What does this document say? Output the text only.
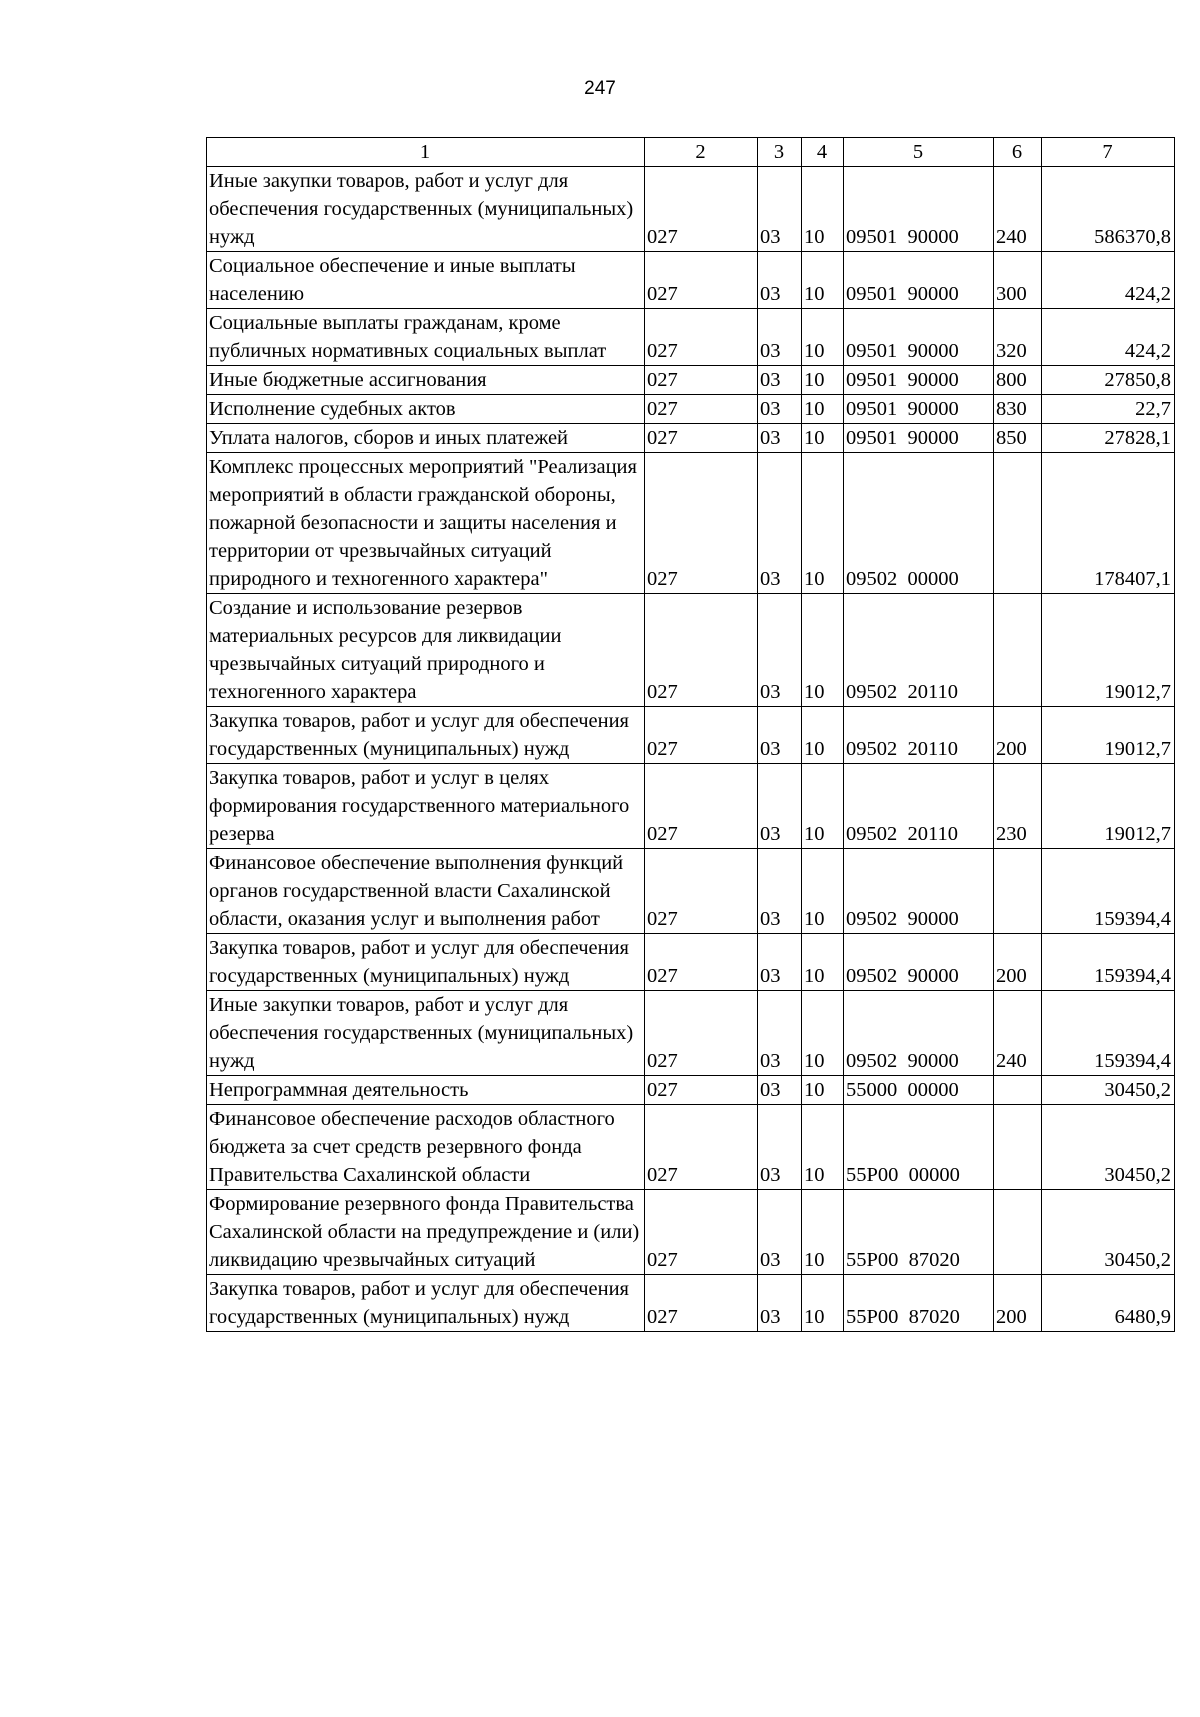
247
1	2	3	4	5	6	7
Иные закупки товаров, работ и услуг для обеспечения государственных (муниципальных) нужд	027	03	10	09501  90000	240	586370,8
Социальное обеспечение и иные выплаты населению	027	03	10	09501  90000	300	424,2
Социальные выплаты гражданам, кроме публичных нормативных социальных выплат	027	03	10	09501  90000	320	424,2
Иные бюджетные ассигнования	027	03	10	09501  90000	800	27850,8
Исполнение судебных актов	027	03	10	09501  90000	830	22,7
Уплата налогов, сборов и иных платежей	027	03	10	09501  90000	850	27828,1
Комплекс процессных мероприятий "Реализация мероприятий в области гражданской обороны, пожарной безопасности и защиты населения и территории от чрезвычайных ситуаций природного и техногенного характера"	027	03	10	09502  00000		178407,1
Создание и использование резервов материальных ресурсов для ликвидации чрезвычайных ситуаций природного и техногенного характера	027	03	10	09502  20110		19012,7
Закупка товаров, работ и услуг для обеспечения государственных (муниципальных) нужд	027	03	10	09502  20110	200	19012,7
Закупка товаров, работ и услуг в целях формирования государственного материального резерва	027	03	10	09502  20110	230	19012,7
Финансовое обеспечение выполнения функций органов государственной власти Сахалинской области, оказания услуг и выполнения работ	027	03	10	09502  90000		159394,4
Закупка товаров, работ и услуг для обеспечения государственных (муниципальных) нужд	027	03	10	09502  90000	200	159394,4
Иные закупки товаров, работ и услуг для обеспечения государственных (муниципальных) нужд	027	03	10	09502  90000	240	159394,4
Непрограммная деятельность	027	03	10	55000  00000		30450,2
Финансовое обеспечение расходов областного бюджета за счет средств резервного фонда Правительства Сахалинской области	027	03	10	55P00  00000		30450,2
Формирование резервного фонда Правительства Сахалинской области на предупреждение и (или) ликвидацию чрезвычайных ситуаций	027	03	10	55P00  87020		30450,2
Закупка товаров, работ и услуг для обеспечения государственных (муниципальных) нужд	027	03	10	55P00  87020	200	6480,9
